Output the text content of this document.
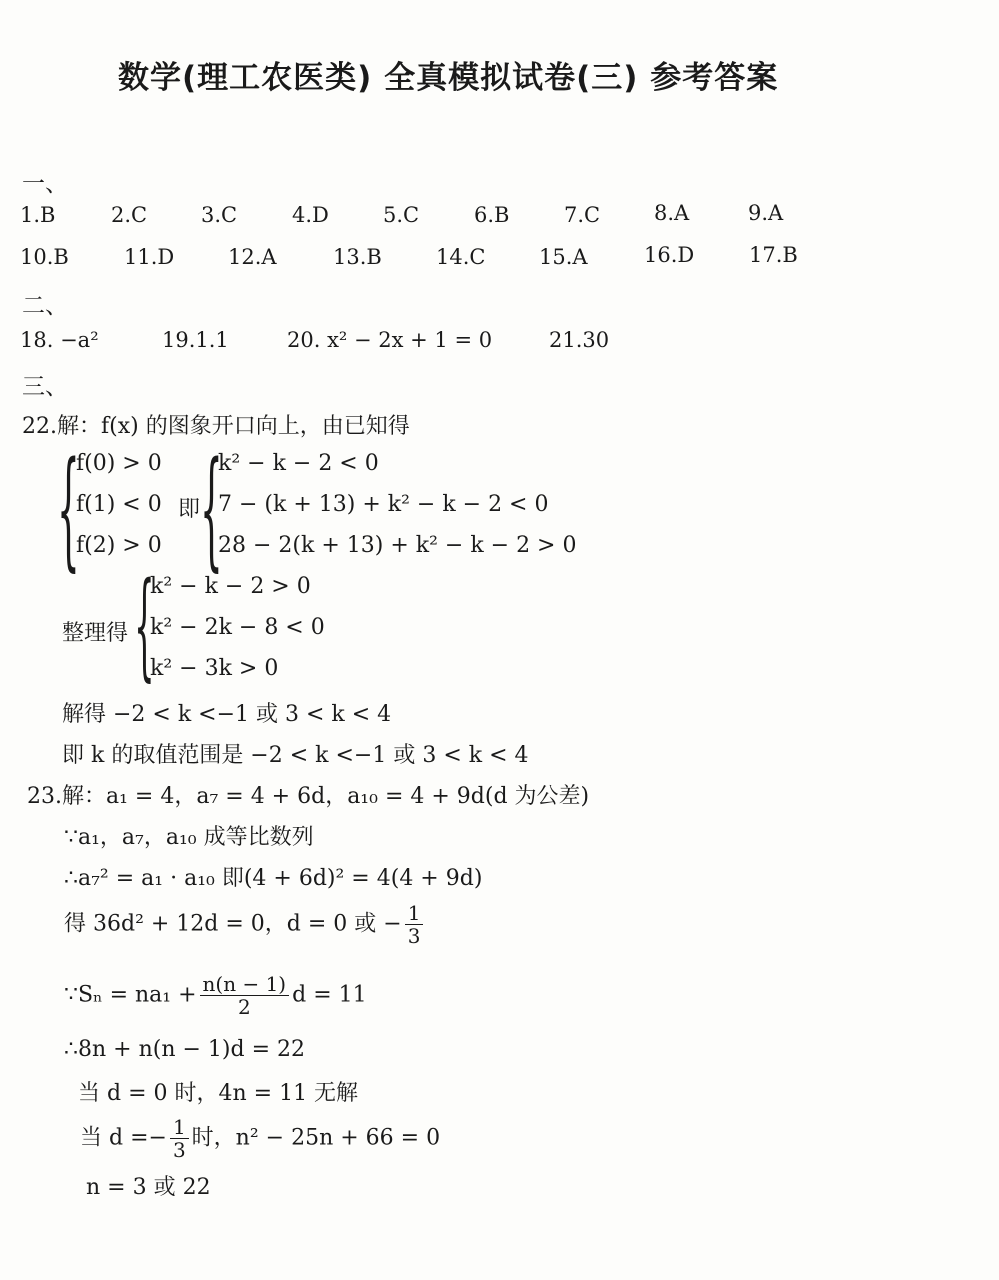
数学(理工农医类) 全真模拟试卷(三) 参考答案
一、
1.B	2.C	3.C	4.D	5.C	6.B	7.C	8.A	9.A
10.B	11.D	12.A	13.B	14.C	15.A	16.D	17.B
二、
18. −a²	19.1.1	20. x² − 2x + 1 = 0	21.30
三、
22.解：f(x) 的图象开口向上，由已知得
{
f(0) > 0
f(1) < 0 即
f(2) > 0 {
k² − k − 2 < 0
7 − (k + 13) + k² − k − 2 < 0
28 − 2(k + 13) + k² − k − 2 > 0
整理得 {
k² − k − 2 > 0
k² − 2k − 8 < 0
k² − 3k > 0
解得 −2 < k <−1 或 3 < k < 4
即 k 的取值范围是 −2 < k <−1 或 3 < k < 4
23.解：a₁ = 4，a₇ = 4 + 6d，a₁₀ = 4 + 9d(d 为公差)
∵a₁，a₇，a₁₀ 成等比数列
∴a₇² = a₁ · a₁₀ 即(4 + 6d)² = 4(4 + 9d)
得 36d² + 12d = 0，d = 0 或 − $\frac{1}{3}$
∵Sₙ = $na_1 + \frac{n(n - 1)}{2}$ d = 11
∴8n + n(n − 1)d = 22
当 d = 0 时，4n = 11 无解
当 $d =- \frac{1}{3}$ 时，n² − 25n + 66 = 0
n = 3 或 22
